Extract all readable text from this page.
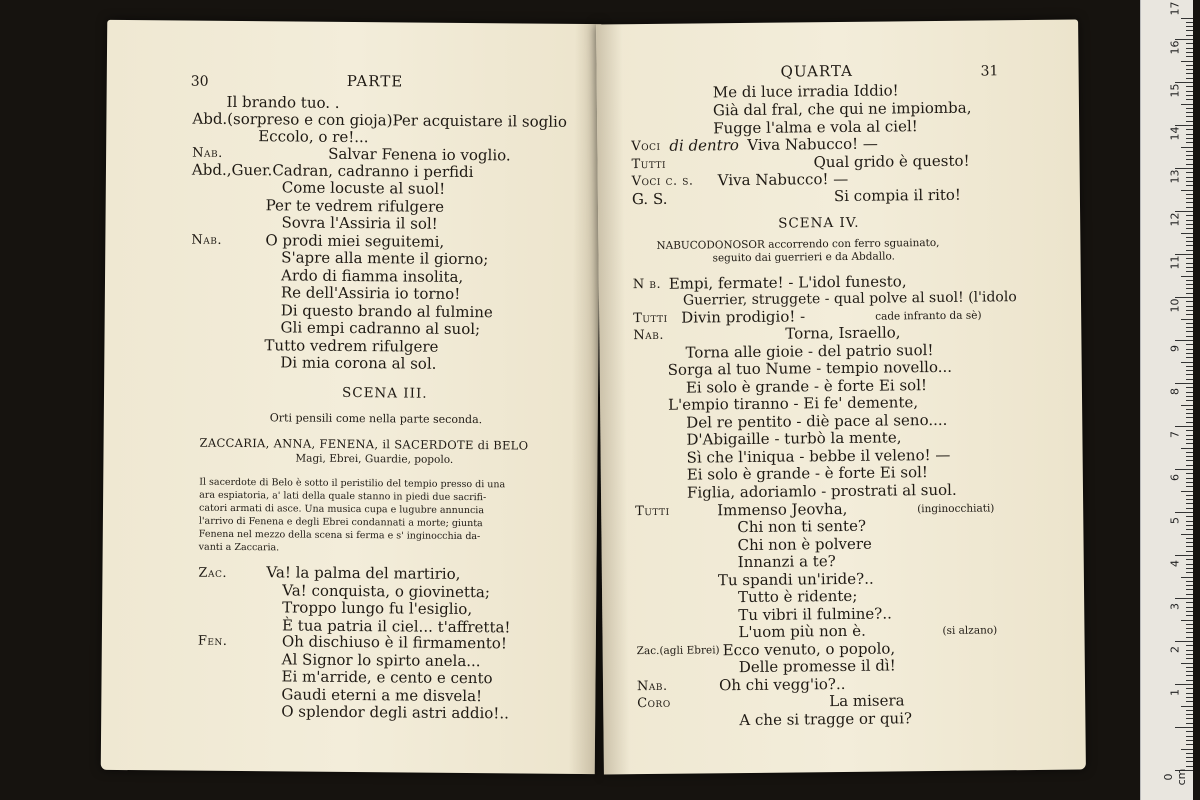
30	PARTE
Il brando tuo. .
Abd.(sorpreso e con gioja)Per acquistare il soglio
Eccolo, o re!...
Nab.	Salvar Fenena io voglio.
Abd.,Guer.Cadran, cadranno i perfidi
Come locuste al suol!
Per te vedrem rifulgere
Sovra l'Assiria il sol!
Nab.	O prodi miei seguitemi,
S'apre alla mente il giorno;
Ardo di fiamma insolita,
Re dell'Assiria io torno!
Di questo brando al fulmine
Gli empi cadranno al suol;
Tutto vedrem rifulgere
Di mia corona al sol.
SCENA III.
Orti pensili come nella parte seconda.
ZACCARIA, ANNA, FENENA, il SACERDOTE di BELO
Magi, Ebrei, Guardie, popolo.
Il sacerdote di Belo è sotto il peristilio del tempio presso di una
ara espiatoria, a' lati della quale stanno in piedi due sacrifi-
catori armati di asce. Una musica cupa e lugubre annuncia
l'arrivo di Fenena e degli Ebrei condannati a morte; giunta
Fenena nel mezzo della scena si ferma e s' inginocchia da-
vanti a Zaccaria.
Zac.	Va! la palma del martirio,
Va! conquista, o giovinetta;
Troppo lungo fu l'esiglio,
È tua patria il ciel... t'affretta!
Fen.	Oh dischiuso è il firmamento!
Al Signor lo spirto anela...
Ei m'arride, e cento e cento
Gaudi eterni a me disvela!
O splendor degli astri addio!..
QUARTA	31
Me di luce irradia Iddio!
Già dal fral, che qui ne impiomba,
Fugge l'alma e vola al ciel!
Voci di dentro Viva Nabucco! —
Tutti	Qual grido è questo!
Voci c. s. Viva Nabucco! —
G. S.	Si compia il rito!
SCENA IV.
NABUCODONOSOR accorrendo con ferro sguainato,
seguito dai guerrieri e da Abdallo.
N b. Empi, fermate! - L'idol funesto,
Guerrier, struggete - qual polve al suol! (l'idolo
Tutti Divin prodigio! -	cade infranto da sè)
Nab.	Torna, Israello,
Torna alle gioie - del patrio suol!
Sorga al tuo Nume - tempio novello...
Ei solo è grande - è forte Ei sol!
L'empio tiranno - Ei fe' demente,
Del re pentito - diè pace al seno....
D'Abigaille - turbò la mente,
Sì che l'iniqua - bebbe il veleno! —
Ei solo è grande - è forte Ei sol!
Figlia, adoriamlo - prostrati al suol.
Tutti	Immenso Jeovha,	(inginocchiati)
Chi non ti sente?
Chi non è polvere
Innanzi a te?
Tu spandi un'iride?..
Tutto è ridente;
Tu vibri il fulmine?..
L'uom più non è.	(si alzano)
Zac.(agli Ebrei) Ecco venuto, o popolo,
Delle promesse il dì!
Nab.	Oh chi vegg'io?..
Coro	La misera
A che si tragge or qui?
0 cm
1
2
3
4
5
6
7
8
9
10
11
12
13
14
15
16
17
